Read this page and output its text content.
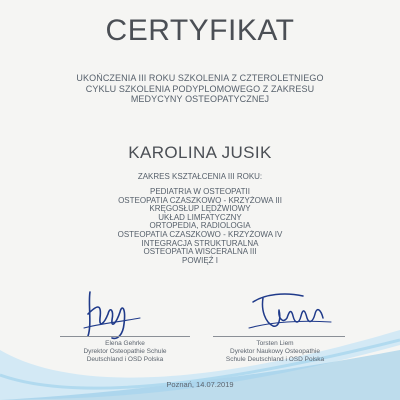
CERTYFIKAT
UKOŃCZENIA III ROKU SZKOLENIA Z CZTEROLETNIEGO
CYKLU SZKOLENIA PODYPLOMOWEGO Z ZAKRESU
MEDYCYNY OSTEOPATYCZNEJ
KAROLINA JUSIK
ZAKRES KSZTAŁCENIA III ROKU:
PEDIATRIA W OSTEOPATII
OSTEOPATIA CZASZKOWO - KRZYŻOWA III
KRĘGOSŁUP LĘDŹWIOWY
UKŁAD LIMFATYCZNY
ORTOPEDIA, RADIOLOGIA
OSTEOPATIA CZASZKOWO - KRZYŻOWA IV
INTEGRACJA STRUKTURALNA
OSTEOPATIA WISCERALNA III
POWIĘŹ I
Elena Gehrke
Dyrektor Osteopathie Schule
Deutschland i OSD Polska
Torsten Liem
Dyrektor Naukowy Osteopathie
Schule Deutschland i OSD Polska
Poznań, 14.07.2019
